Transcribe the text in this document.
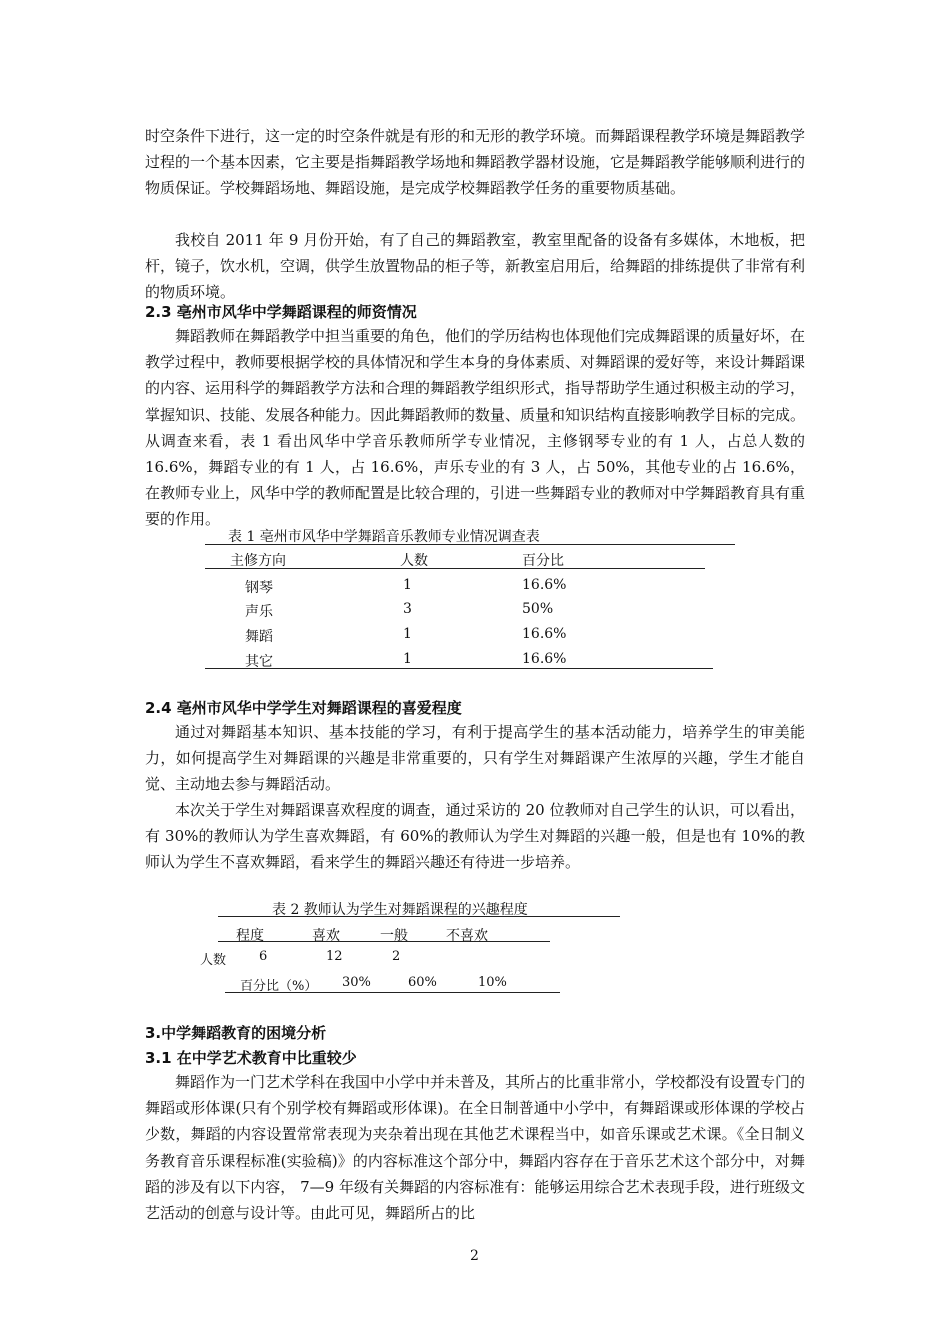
时空条件下进行，这一定的时空条件就是有形的和无形的教学环境。而舞蹈课程教学环境是舞蹈教学过程的一个基本因素，它主要是指舞蹈教学场地和舞蹈教学器材设施，它是舞蹈教学能够顺利进行的物质保证。学校舞蹈场地、舞蹈设施，是完成学校舞蹈教学任务的重要物质基础。

我校自 2011 年 9 月份开始，有了自己的舞蹈教室，教室里配备的设备有多媒体，木地板，把杆，镜子，饮水机，空调，供学生放置物品的柜子等，新教室启用后，给舞蹈的排练提供了非常有利的物质环境。

2.3 亳州市风华中学舞蹈课程的师资情况

舞蹈教师在舞蹈教学中担当重要的角色，他们的学历结构也体现他们完成舞蹈课的质量好坏，在教学过程中，教师要根据学校的具体情况和学生本身的身体素质、对舞蹈课的爱好等，来设计舞蹈课的内容、运用科学的舞蹈教学方法和合理的舞蹈教学组织形式，指导帮助学生通过积极主动的学习，掌握知识、技能、发展各种能力。因此舞蹈教师的数量、质量和知识结构直接影响教学目标的完成。从调查来看，表 1 看出风华中学音乐教师所学专业情况，主修钢琴专业的有 1 人，占总人数的 16.6%，舞蹈专业的有 1 人，占 16.6%，声乐专业的有 3 人，占 50%，其他专业的占 16.6%，在教师专业上，风华中学的教师配置是比较合理的，引进一些舞蹈专业的教师对中学舞蹈教育具有重要的作用。

表 1 亳州市风华中学舞蹈音乐教师专业情况调查表
主修方向	人数	百分比
钢琴	1	16.6%
声乐	3	50%
舞蹈	1	16.6%
其它	1	16.6%

2.4 亳州市风华中学学生对舞蹈课程的喜爱程度

通过对舞蹈基本知识、基本技能的学习，有利于提高学生的基本活动能力，培养学生的审美能力，如何提高学生对舞蹈课的兴趣是非常重要的，只有学生对舞蹈课产生浓厚的兴趣，学生才能自觉、主动地去参与舞蹈活动。

本次关于学生对舞蹈课喜欢程度的调查，通过采访的 20 位教师对自己学生的认识，可以看出，有 30%的教师认为学生喜欢舞蹈，有 60%的教师认为学生对舞蹈的兴趣一般，但是也有 10%的教师认为学生不喜欢舞蹈，看来学生的舞蹈兴趣还有待进一步培养。

表 2 教师认为学生对舞蹈课程的兴趣程度
程度	喜欢	一般	不喜欢
人数	6	12	2
百分比（%） 30%	60%	10%

3.中学舞蹈教育的困境分析

3.1 在中学艺术教育中比重较少

舞蹈作为一门艺术学科在我国中小学中并未普及，其所占的比重非常小，学校都没有设置专门的舞蹈或形体课(只有个别学校有舞蹈或形体课)。在全日制普通中小学中，有舞蹈课或形体课的学校占少数，舞蹈的内容设置常常表现为夹杂着出现在其他艺术课程当中，如音乐课或艺术课。《全日制义务教育音乐课程标准(实验稿)》的内容标准这个部分中，舞蹈内容存在于音乐艺术这个部分中，对舞蹈的涉及有以下内容， 7—9 年级有关舞蹈的内容标准有：能够运用综合艺术表现手段，进行班级文艺活动的创意与设计等。由此可见，舞蹈所占的比

2
